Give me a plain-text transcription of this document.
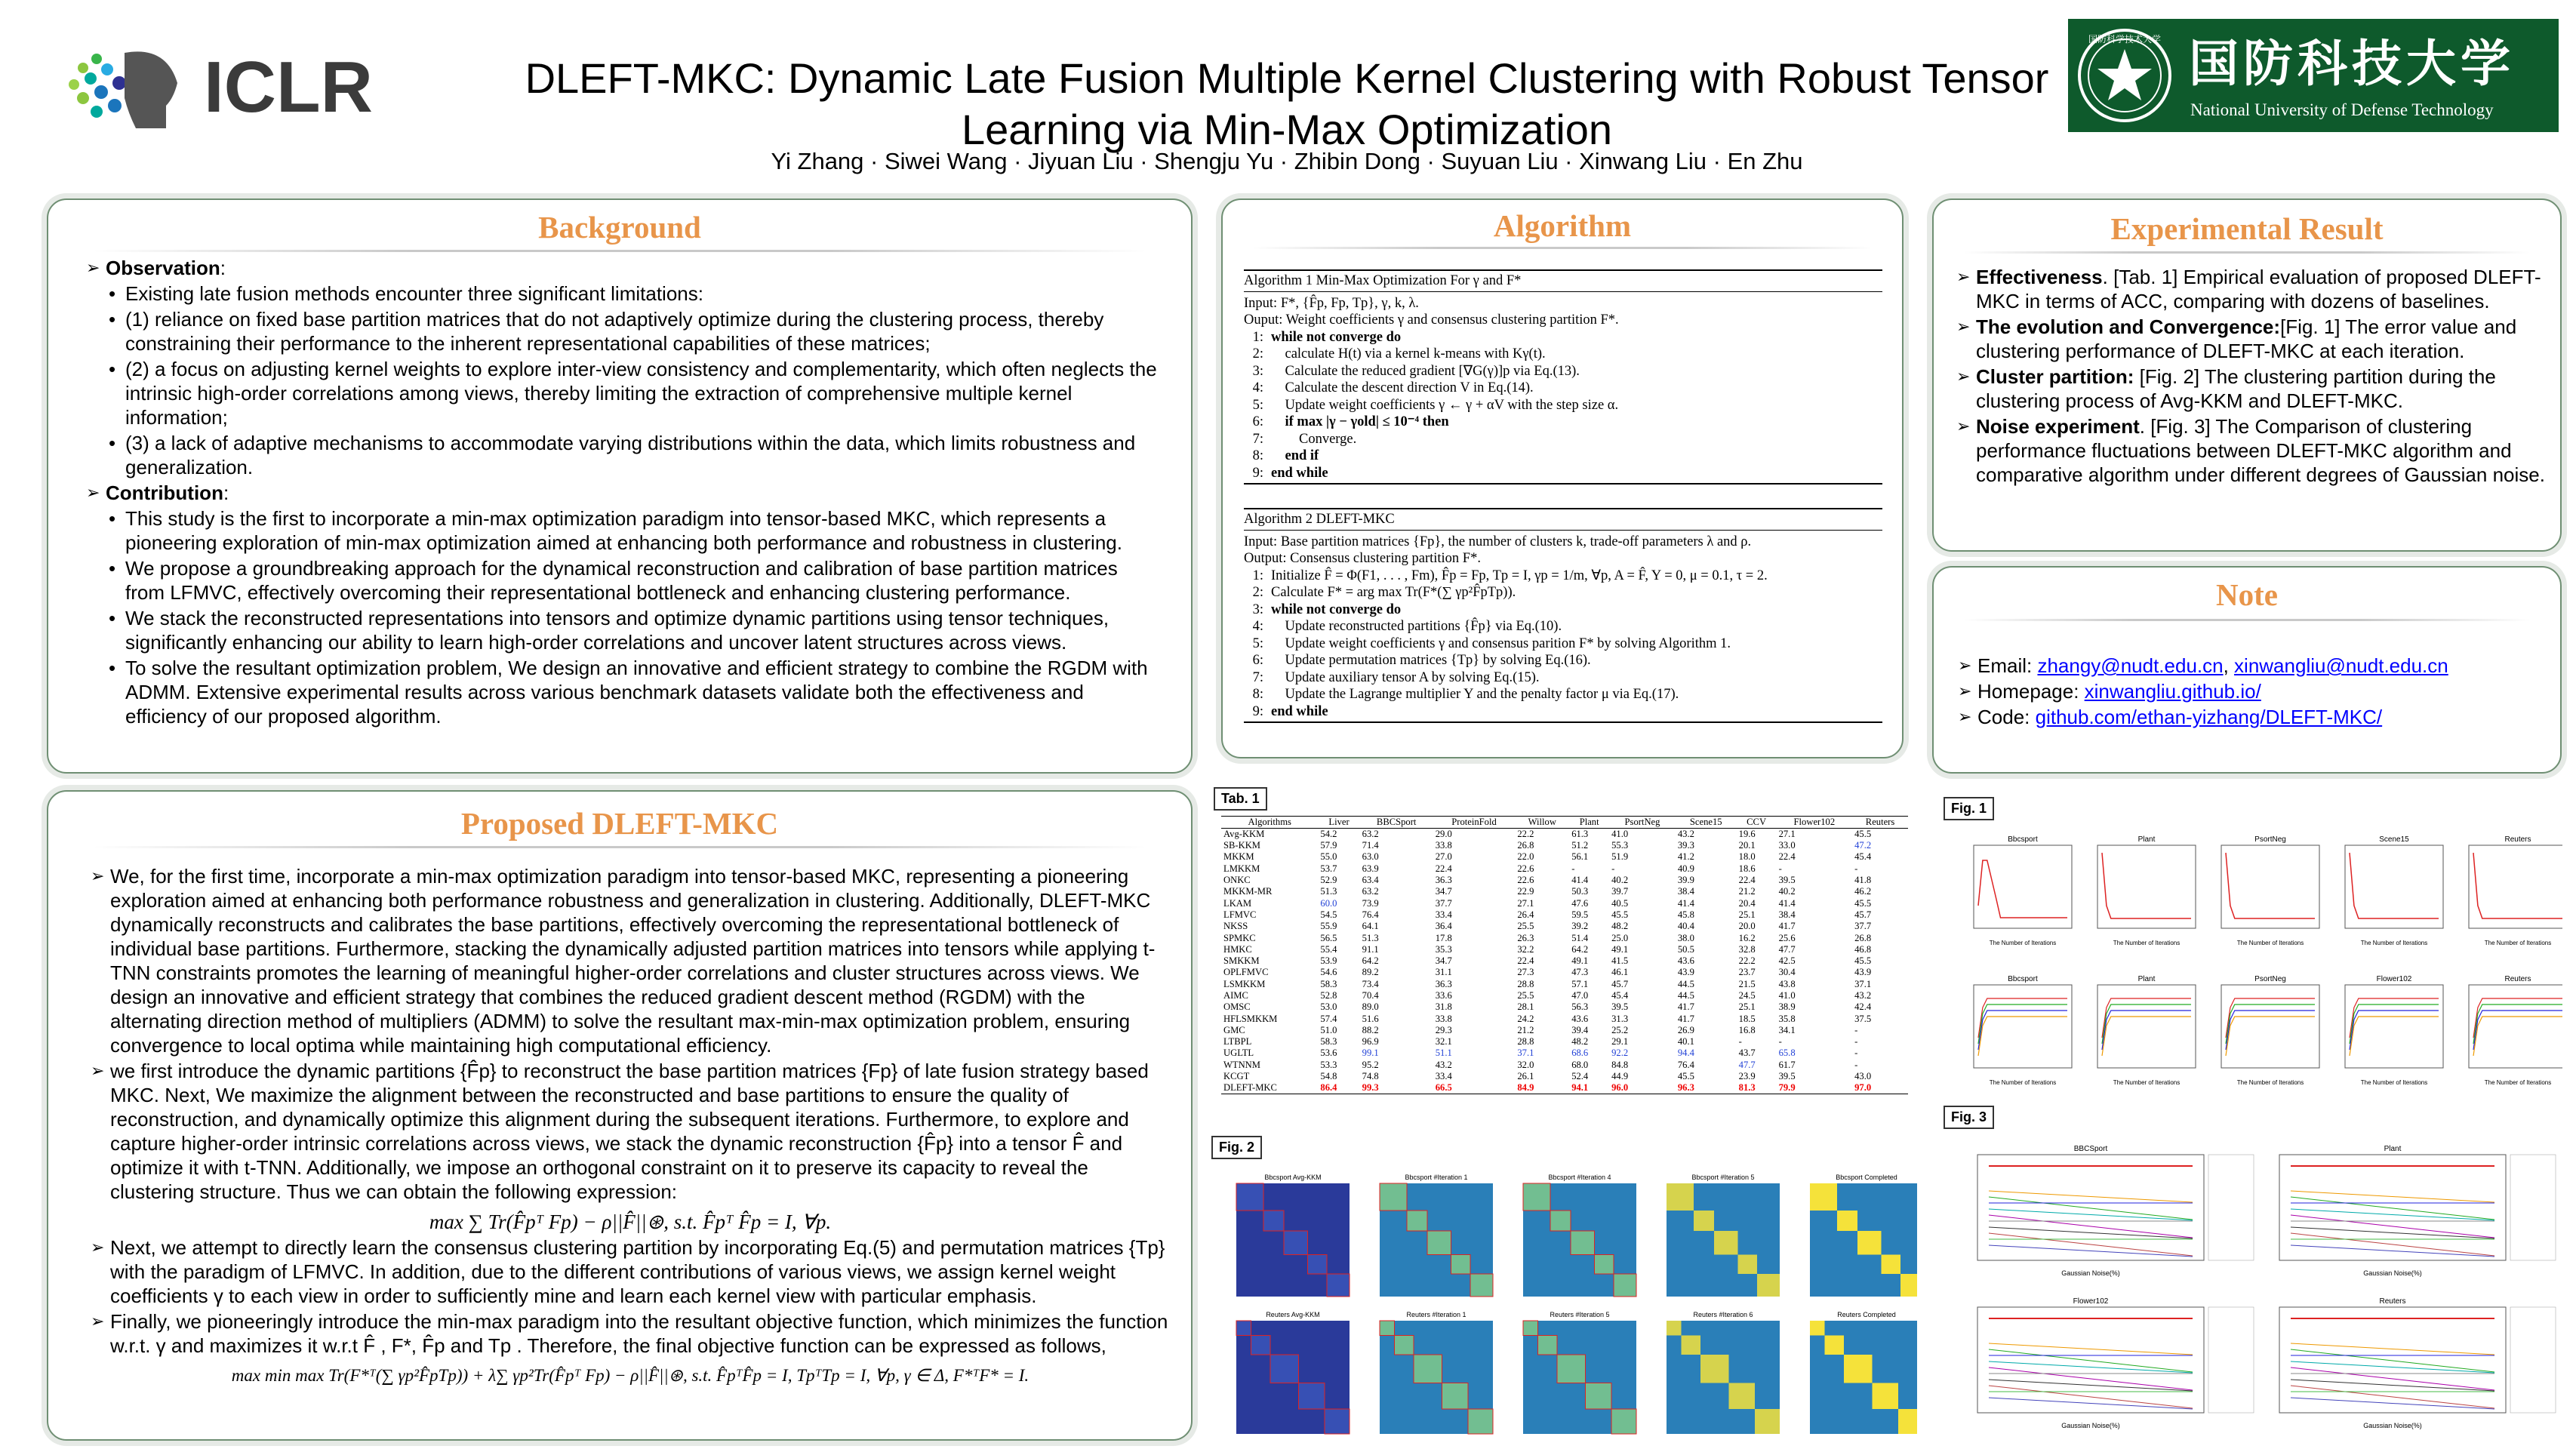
ICLR	DLEFT-MKC: Dynamic Late Fusion Multiple Kernel Clustering with Robust Tensor Learning via Min-Max Optimization
Yi Zhang · Siwei Wang · Jiyuan Liu · Shengju Yu · Zhibin Dong · Suyuan Liu · Xinwang Liu · En Zhu
国防科学技术大学 国防科技大学
National University of Defense Technology
Background

➢ Observation:

• Existing late fusion methods encounter three significant limitations:

• (1) reliance on fixed base partition matrices that do not adaptively optimize during the clustering process, thereby constraining their performance to the inherent representational capabilities of these matrices;

• (2) a focus on adjusting kernel weights to explore inter-view consistency and complementarity, which often neglects the intrinsic high-order correlations among views, thereby limiting the extraction of comprehensive multiple kernel information;

• (3) a lack of adaptive mechanisms to accommodate varying distributions within the data, which limits robustness and generalization.

➢ Contribution:

• This study is the first to incorporate a min-max optimization paradigm into tensor-based MKC, which represents a pioneering exploration of min-max optimization aimed at enhancing both performance and robustness in clustering.

• We propose a groundbreaking approach for the dynamical reconstruction and calibration of base partition matrices from LFMVC, effectively overcoming their representational bottleneck and enhancing clustering performance.

• We stack the reconstructed representations into tensors and optimize dynamic partitions using tensor techniques, significantly enhancing our ability to learn high-order correlations and uncover latent structures across views.

• To solve the resultant optimization problem, We design an innovative and efficient strategy to combine the RGDM with ADMM. Extensive experimental results across various benchmark datasets validate both the effectiveness and efficiency of our proposed algorithm.

Proposed DLEFT-MKC

➢ We, for the first time, incorporate a min-max optimization paradigm into tensor-based MKC, representing a pioneering exploration aimed at enhancing both performance robustness and generalization in clustering. Additionally, DLEFT-MKC dynamically reconstructs and calibrates the base partitions, effectively overcoming the representational bottleneck of individual base partitions. Furthermore, stacking the dynamically adjusted partition matrices into tensors while applying t-TNN constraints promotes the learning of meaningful higher-order correlations and cluster structures across views. We design an innovative and efficient strategy that combines the reduced gradient descent method (RGDM) with the alternating direction method of multipliers (ADMM) to solve the resultant max-min-max optimization problem, ensuring convergence to local optima while maintaining high computational efficiency.

➢ we first introduce the dynamic partitions {F̂p} to reconstruct the base partition matrices {Fp} of late fusion strategy based MKC. Next, We maximize the alignment between the reconstructed and base partitions to ensure the quality of reconstruction, and dynamically optimize this alignment during the subsequent iterations. Furthermore, to explore and capture higher-order intrinsic correlations across views, we stack the dynamic reconstruction {F̂p} into a tensor F̂ and optimize it with t-TNN. Additionally, we impose an orthogonal constraint on it to preserve its capacity to reveal the clustering structure. Thus we can obtain the following expression:

max ∑ Tr(F̂pᵀ Fp) − ρ||F̂||⊛, s.t. F̂pᵀ F̂p = I, ∀p.

➢ Next, we attempt to directly learn the consensus clustering partition by incorporating Eq.(5) and permutation matrices {Tp} with the paradigm of LFMVC. In addition, due to the different contributions of various views, we assign kernel weight coefficients γ to each view in order to sufficiently mine and learn each kernel view with particular emphasis.

➢ Finally, we pioneeringly introduce the min-max paradigm into the resultant objective function, which minimizes the function w.r.t. γ and maximizes it w.r.t F̂ , F*, F̂p and Tp . Therefore, the final objective function can be expressed as follows,

max min max Tr(F*ᵀ(∑ γp²F̂pTp)) + λ∑ γp²Tr(F̂pᵀ Fp) − ρ||F̂||⊛, s.t. F̂pᵀF̂p = I, TpᵀTp = I, ∀p, γ ∈ Δ, F*ᵀF* = I.

Algorithm
Algorithm 1 Min-Max Optimization For γ and F*
Input: F*, {F̂p, Fp, Tp}, γ, k, λ.
Ouput: Weight coefficients γ and consensus clustering partition F*.
1: while not converge do
2: calculate H(t) via a kernel k-means with Kγ(t).
3: Calculate the reduced gradient [∇G(γ)]p via Eq.(13).
4: Calculate the descent direction V in Eq.(14).
5: Update weight coefficients γ ← γ + αV with the step size α.
6: if max |γ − γold| ≤ 10⁻⁴ then
7: Converge.
8: end if
9: end while
Algorithm 2 DLEFT-MKC
Input: Base partition matrices {Fp}, the number of clusters k, trade-off parameters λ and ρ.
Output: Consensus clustering partition F*.
1: Initialize F̂ = Φ(F1, . . . , Fm), F̂p = Fp, Tp = I, γp = 1/m, ∀p, A = F̂, Y = 0, μ = 0.1, τ = 2.
2: Calculate F* = arg max Tr(F*(∑ γp²F̂pTp)).
3: while not converge do
4: Update reconstructed partitions {F̂p} via Eq.(10).
5: Update weight coefficients γ and consensus parition F* by solving Algorithm 1.
6: Update permutation matrices {Tp} by solving Eq.(16).
7: Update auxiliary tensor A by solving Eq.(15).
8: Update the Lagrange multiplier Y and the penalty factor μ via Eq.(17).
9: end while
Experimental Result

➢ Effectiveness. [Tab. 1] Empirical evaluation of proposed DLEFT-MKC in terms of ACC, comparing with dozens of baselines.

➢ The evolution and Convergence:[Fig. 1] The error value and clustering performance of DLEFT-MKC at each iteration.

➢ Cluster partition: [Fig. 2] The clustering partition during the clustering process of Avg-KKM and DLEFT-MKC.

➢ Noise experiment. [Fig. 3] The Comparison of clustering performance fluctuations between DLEFT-MKC algorithm and comparative algorithm under different degrees of Gaussian noise.

Note

➢ Email: zhangy@nudt.edu.cn, xinwangliu@nudt.edu.cn

➢ Homepage: xinwangliu.github.io/

➢ Code: github.com/ethan-yizhang/DLEFT-MKC/

Tab. 1
Algorithms	Liver	BBCSport	ProteinFold	Willow	Plant	PsortNeg	Scene15	CCV	Flower102	Reuters
Avg-KKM	54.2	63.2	29.0	22.2	61.3	41.0	43.2	19.6	27.1	45.5
SB-KKM	57.9	71.4	33.8	26.8	51.2	55.3	39.3	20.1	33.0	47.2
MKKM	55.0	63.0	27.0	22.0	56.1	51.9	41.2	18.0	22.4	45.4
LMKKM	53.7	63.9	22.4	22.6	-	-	40.9	18.6	-	-
ONKC	52.9	63.4	36.3	22.6	41.4	40.2	39.9	22.4	39.5	41.8
MKKM-MR	51.3	63.2	34.7	22.9	50.3	39.7	38.4	21.2	40.2	46.2
LKAM	60.0	73.9	37.7	27.1	47.6	40.5	41.4	20.4	41.4	45.5
LFMVC	54.5	76.4	33.4	26.4	59.5	45.5	45.8	25.1	38.4	45.7
NKSS	55.9	64.1	36.4	25.5	39.2	48.2	40.4	20.0	41.7	37.7
SPMKC	56.5	51.3	17.8	26.3	51.4	25.0	38.0	16.2	25.6	26.8
HMKC	55.4	91.1	35.3	32.2	64.2	49.1	50.5	32.8	47.7	46.8
SMKKM	53.9	64.2	34.7	22.4	49.1	41.5	43.6	22.2	42.5	45.5
OPLFMVC	54.6	89.2	31.1	27.3	47.3	46.1	43.9	23.7	30.4	43.9
LSMKKM	58.3	73.4	36.3	28.8	57.1	45.7	44.5	21.5	43.8	37.1
AIMC	52.8	70.4	33.6	25.5	47.0	45.4	44.5	24.5	41.0	43.2
OMSC	53.0	89.0	31.8	28.1	56.3	39.5	41.7	25.1	38.9	42.4
HFLSMKKM	57.4	51.6	33.8	24.2	43.6	31.3	41.7	18.5	35.8	37.5
GMC	51.0	88.2	29.3	21.2	39.4	25.2	26.9	16.8	34.1	-
LTBPL	58.3	96.9	32.1	28.8	48.2	29.1	40.1	-	-	-
UGLTL	53.6	99.1	51.1	37.1	68.6	92.2	94.4	43.7	65.8	-
WTNNM	53.3	95.2	43.2	32.0	68.0	84.8	76.4	47.7	61.7	-
KCGT	54.8	74.8	33.4	26.1	52.4	44.9	45.5	23.9	39.5	43.0
DLEFT-MKC	86.4	99.3	66.5	84.9	94.1	96.0	96.3	81.3	79.9	97.0
Fig. 1
Bbcsport
The Number of Iterations
Plant
The Number of Iterations
PsortNeg
The Number of Iterations
Scene15
The Number of Iterations
Reuters
The Number of Iterations
Bbcsport
The Number of Iterations
Plant
The Number of Iterations
PsortNeg
The Number of Iterations
Flower102
The Number of Iterations
Reuters
The Number of Iterations
Fig. 2
Bbcsport Avg-KKM	Bbcsport #Iteration 1	Bbcsport #Iteration 4	Bbcsport #Iteration 5	Bbcsport Completed
Reuters Avg-KKM	Reuters #Iteration 1	Reuters #Iteration 5	Reuters #Iteration 6	Reuters Completed
Fig. 3
BBCSport
Gaussian Noise(%)
Plant
Gaussian Noise(%)
Flower102
Gaussian Noise(%)
Reuters
Gaussian Noise(%)
